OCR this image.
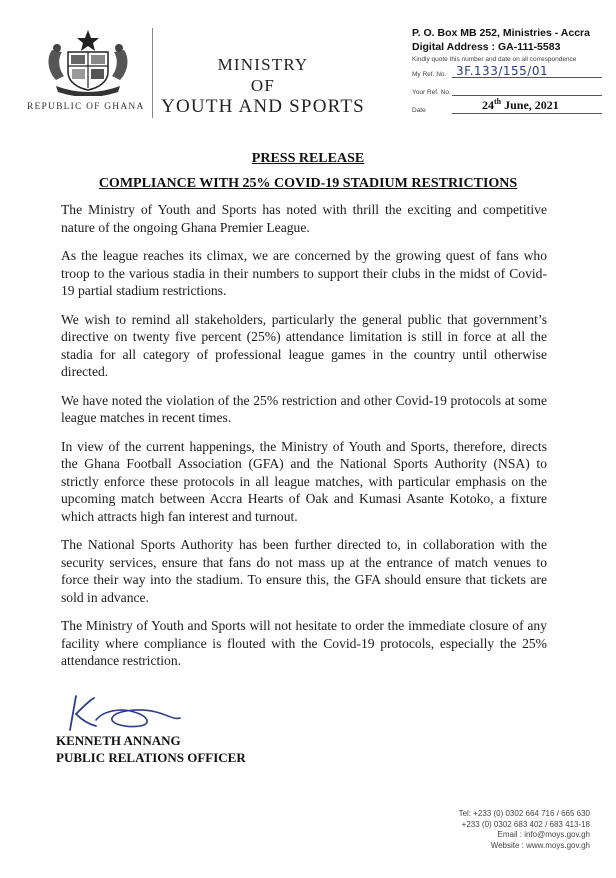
REPUBLIC OF GHANA
MINISTRY
OF
YOUTH AND SPORTS
P. O. Box MB 252, Ministries - Accra
Digital Address : GA-111-5583
Kindly quote this number and date on all correspondence
My Ref. No. 3F.133/155/01
Your Ref. No.
Date	24th June, 2021
PRESS RELEASE
COMPLIANCE WITH 25% COVID-19 STADIUM RESTRICTIONS

The Ministry of Youth and Sports has noted with thrill the exciting and competitive nature of the ongoing Ghana Premier League.

As the league reaches its climax, we are concerned by the growing quest of fans who troop to the various stadia in their numbers to support their clubs in the midst of Covid-19 partial stadium restrictions.

We wish to remind all stakeholders, particularly the general public that government’s directive on twenty five percent (25%) attendance limitation is still in force at all the stadia for all category of professional league games in the country until otherwise directed.

We have noted the violation of the 25% restriction and other Covid-19 protocols at some league matches in recent times.

In view of the current happenings, the Ministry of Youth and Sports, therefore, directs the Ghana Football Association (GFA) and the National Sports Authority (NSA) to strictly enforce these protocols in all league matches, with particular emphasis on the upcoming match between Accra Hearts of Oak and Kumasi Asante Kotoko, a fixture which attracts high fan interest and turnout.

The National Sports Authority has been further directed to, in collaboration with the security services, ensure that fans do not mass up at the entrance of match venues to force their way into the stadium. To ensure this, the GFA should ensure that tickets are sold in advance.

The Ministry of Youth and Sports will not hesitate to order the immediate closure of any facility where compliance is flouted with the Covid-19 protocols, especially the 25% attendance restriction.

KENNETH ANNANG
PUBLIC RELATIONS OFFICER
Tel: +233 (0) 0302 664 716 / 665 630
+233 (0) 0302 683 402 / 683 413-18
Email : info@moys.gov.gh
Website : www.moys.gov.gh
